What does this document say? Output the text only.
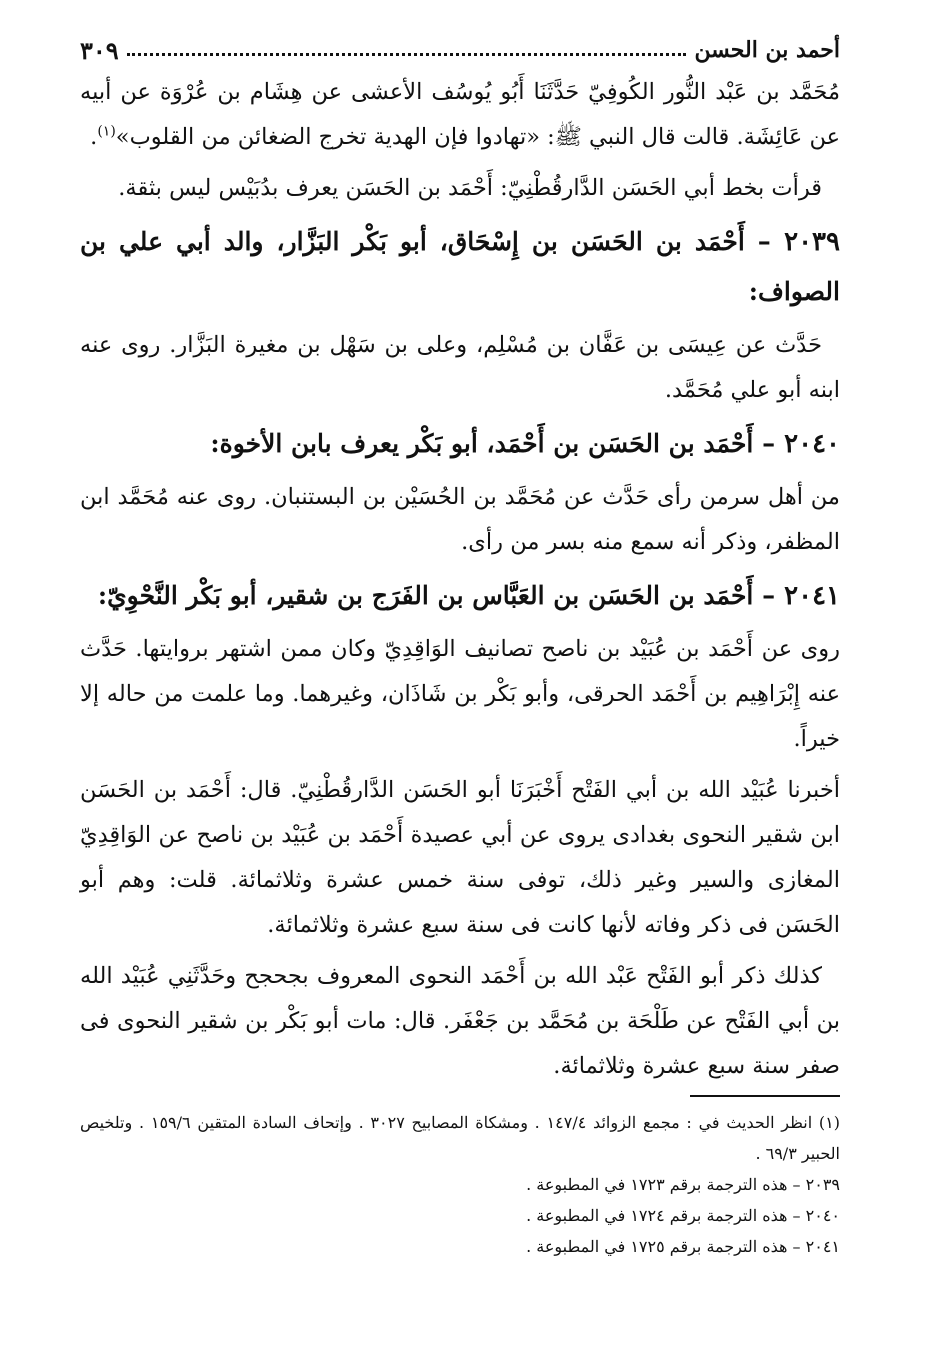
أحمد بن الحسن
٣٠٩

مُحَمَّد بن عَبْد النُّور الكُوفِيّ حَدَّثَنَا أَبُو يُوسُف الأعشى عن هِشَام بن عُرْوَة عن أبيه عن عَائِشَة. قالت قال النبي ﷺ: «تهادوا فإن الهدية تخرج الضغائن من القلوب»$^{(١)}$.

قرأت بخط أبي الحَسَن الدَّارقُطْنِيّ: أَحْمَد بن الحَسَن يعرف بدُبَيْس ليس بثقة.

٢٠٣٩ – أَحْمَد بن الحَسَن بن إِسْحَاق، أبو بَكْر البَزَّار، والد أبي علي بن الصواف:

حَدَّث عن عِيسَى بن عَفَّان بن مُسْلِم، وعلى بن سَهْل بن مغيرة البَزَّار. روى عنه ابنه أبو علي مُحَمَّد.

٢٠٤٠ – أَحْمَد بن الحَسَن بن أَحْمَد، أبو بَكْر يعرف بابن الأخوة:

من أهل سرمن رأى حَدَّث عن مُحَمَّد بن الحُسَيْن بن البستنبان. روى عنه مُحَمَّد ابن المظفر، وذكر أنه سمع منه بسر من رأى.

٢٠٤١ – أَحْمَد بن الحَسَن بن العَبَّاس بن الفَرَج بن شقير، أبو بَكْر النَّحْوِيّ:

روى عن أَحْمَد بن عُبَيْد بن ناصح تصانيف الوَاقِدِيّ وكان ممن اشتهر بروايتها. حَدَّث عنه إِبْرَاهِيم بن أَحْمَد الحرقى، وأبو بَكْر بن شَاذَان، وغيرهما. وما علمت من حاله إلا خيراً.

أخبرنا عُبَيْد الله بن أبي الفَتْح أَخْبَرَنَا أبو الحَسَن الدَّارقُطْنِيّ. قال: أَحْمَد بن الحَسَن ابن شقير النحوى بغدادى يروى عن أبي عصيدة أَحْمَد بن عُبَيْد بن ناصح عن الوَاقِدِيّ المغازى والسير وغير ذلك، توفى سنة خمس عشرة وثلاثمائة. قلت: وهم أبو الحَسَن فى ذكر وفاته لأنها كانت فى سنة سبع عشرة وثلاثمائة.

كذلك ذكر أبو الفَتْح عَبْد الله بن أَحْمَد النحوى المعروف بجحجح وحَدَّثَنِي عُبَيْد الله بن أبي الفَتْح عن طَلْحَة بن مُحَمَّد بن جَعْفَر. قال: مات أبو بَكْر بن شقير النحوى فى صفر سنة سبع عشرة وثلاثمائة.

(١) انظر الحديث في : مجمع الزوائد ١٤٧/٤ . ومشكاة المصابيح ٣٠٢٧ . وإتحاف السادة المتقين ١٥٩/٦ . وتلخيص الحبير ٦٩/٣ .

٢٠٣٩ – هذه الترجمة برقم ١٧٢٣ في المطبوعة .

٢٠٤٠ – هذه الترجمة برقم ١٧٢٤ في المطبوعة .

٢٠٤١ – هذه الترجمة برقم ١٧٢٥ في المطبوعة .
